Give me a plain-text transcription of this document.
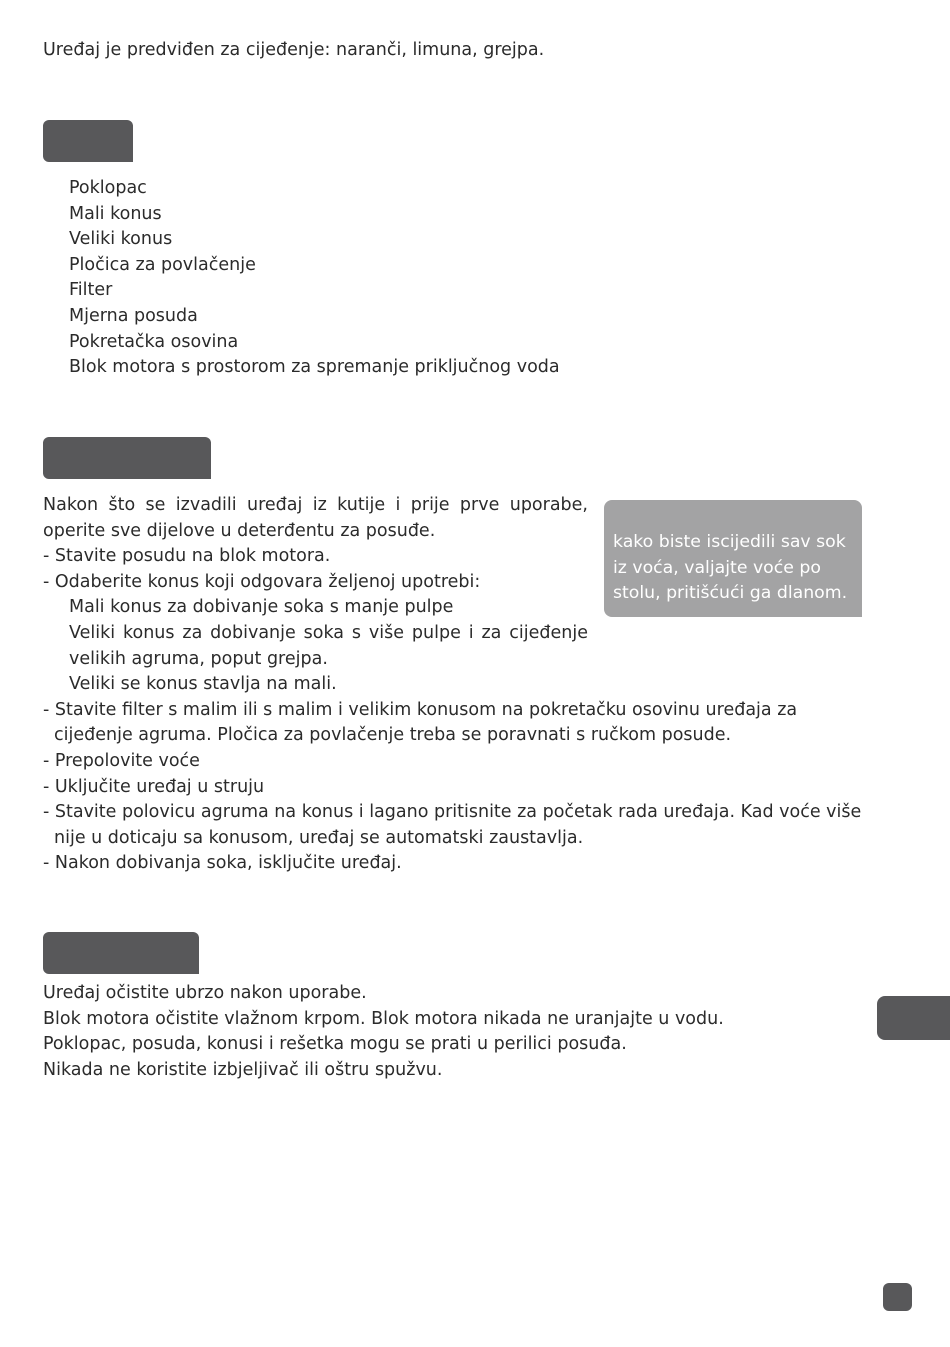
Uređaj je predviđen za cijeđenje: naranči, limuna, grejpa.

Poklopac
Mali konus
Veliki konus
Pločica za povlačenje
Filter
Mjerna posuda
Pokretačka osovina
Blok motora s prostorom za spremanje priključnog voda

Nakon što se izvadili uređaj iz kutije i prije prve uporabe, operite sve dijelove u deterđentu za posuđe.

- Stavite posudu na blok motora.

- Odaberite konus koji odgovara željenoj upotrebi:

Mali konus za dobivanje soka s manje pulpe

Veliki konus za dobivanje soka s više pulpe i za cijeđenje velikih agruma, poput grejpa.

Veliki se konus stavlja na mali.

- Stavite filter s malim ili s malim i velikim konusom na pokretačku osovinu uređaja za cijeđenje agruma. Pločica za povlačenje treba se poravnati s ručkom posude.

- Prepolovite voće

- Uključite uređaj u struju

- Stavite polovicu agruma na konus i lagano pritisnite za početak rada uređaja. Kad voće više nije u doticaju sa konusom, uređaj se automatski zaustavlja.

- Nakon dobivanja soka, isključite uređaj.

kako biste iscijedili sav sok iz voća, valjajte voće po stolu, pritišćući ga dlanom.

Uređaj očistite ubrzo nakon uporabe.

Blok motora očistite vlažnom krpom. Blok motora nikada ne uranjajte u vodu.

Poklopac, posuda, konusi i rešetka mogu se prati u perilici posuđa.

Nikada ne koristite izbjeljivač ili oštru spužvu.
